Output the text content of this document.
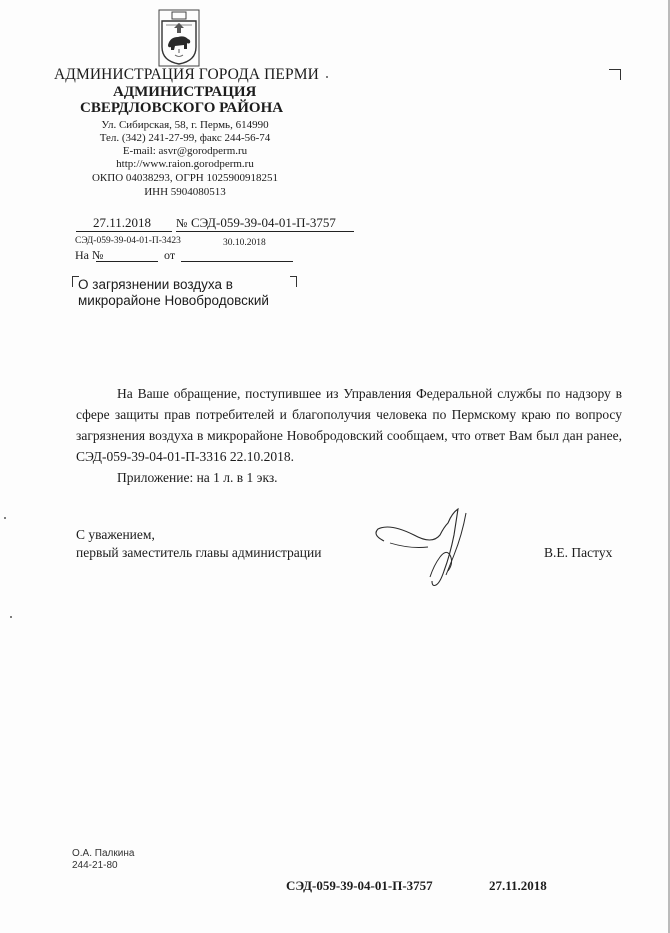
АДМИНИСТРАЦИЯ ГОРОДА ПЕРМИ
АДМИНИСТРАЦИЯ
СВЕРДЛОВСКОГО РАЙОНА
Ул. Сибирская, 58, г. Пермь, 614990
Тел. (342) 241-27-99, факс 244-56-74
E-mail: asvr@gorodperm.ru
http://www.raion.gorodperm.ru
ОКПО 04038293, ОГРН 1025900918251
ИНН 5904080513
27.11.2018 № СЭД-059-39-04-01-П-3757
СЭД-059-39-04-01-П-3423	30.10.2018
На №	от
О загрязнении воздуха в микрорайоне Новобродовский

На Ваше обращение, поступившее из Управления Федеральной службы по надзору в сфере защиты прав потребителей и благополучия человека по Пермскому краю по вопросу загрязнения воздуха в микрорайоне Новобродовский сообщаем, что ответ Вам был дан ранее, СЭД-059-39-04-01-П-3316 22.10.2018.

Приложение: на 1 л. в 1 экз.

С уважением,
первый заместитель главы администрации	В.Е. Пастух
О.А. Палкина
244-21-80
СЭД-059-39-04-01-П-3757	27.11.2018
